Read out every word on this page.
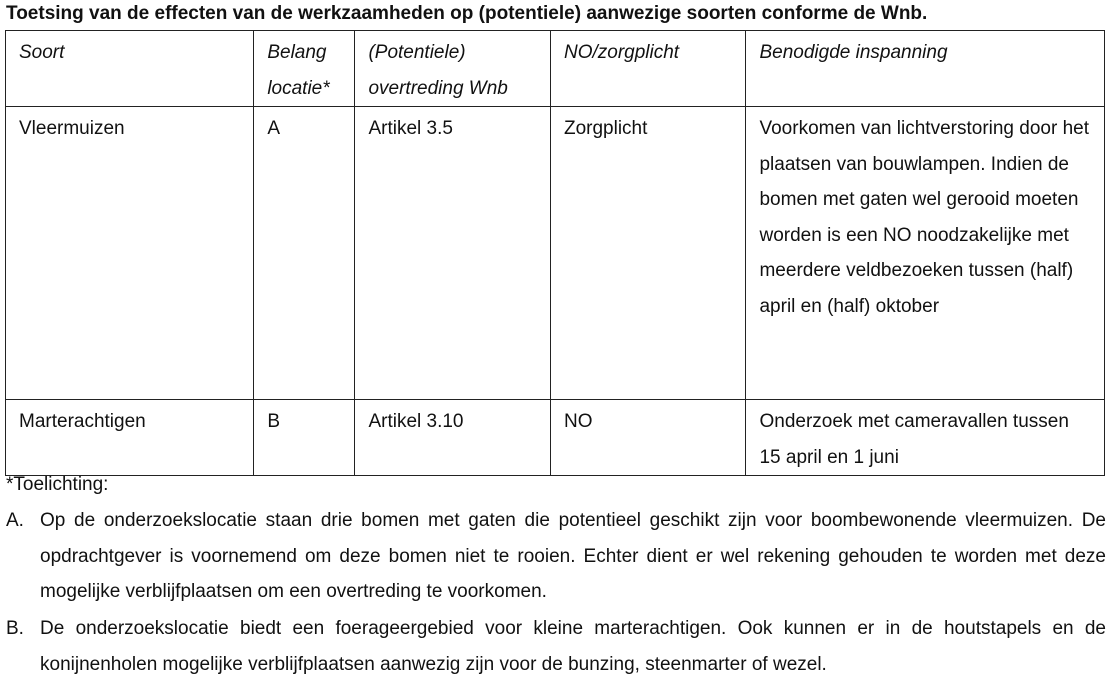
Toetsing van de effecten van de werkzaamheden op (potentiele) aanwezige soorten conforme de Wnb.
Soort	Belang locatie*	(Potentiele) overtreding Wnb	NO/zorgplicht	Benodigde inspanning
Vleermuizen	A	Artikel 3.5	Zorgplicht	Voorkomen van lichtverstoring door het plaatsen van bouwlampen. Indien de bomen met gaten wel gerooid moeten worden is een NO noodzakelijke met meerdere veldbezoeken tussen (half) april en (half) oktober
Marterachtigen	B	Artikel 3.10	NO	Onderzoek met cameravallen tussen 15 april en 1 juni
*Toelichting:
A. Op de onderzoekslocatie staan drie bomen met gaten die potentieel geschikt zijn voor boombewonende vleermuizen. De opdrachtgever is voornemend om deze bomen niet te rooien. Echter dient er wel rekening gehouden te worden met deze mogelijke verblijfplaatsen om een overtreding te voorkomen.
B. De onderzoekslocatie biedt een foerageergebied voor kleine marterachtigen. Ook kunnen er in de houtstapels en de konijnenholen mogelijke verblijfplaatsen aanwezig zijn voor de bunzing, steenmarter of wezel.
